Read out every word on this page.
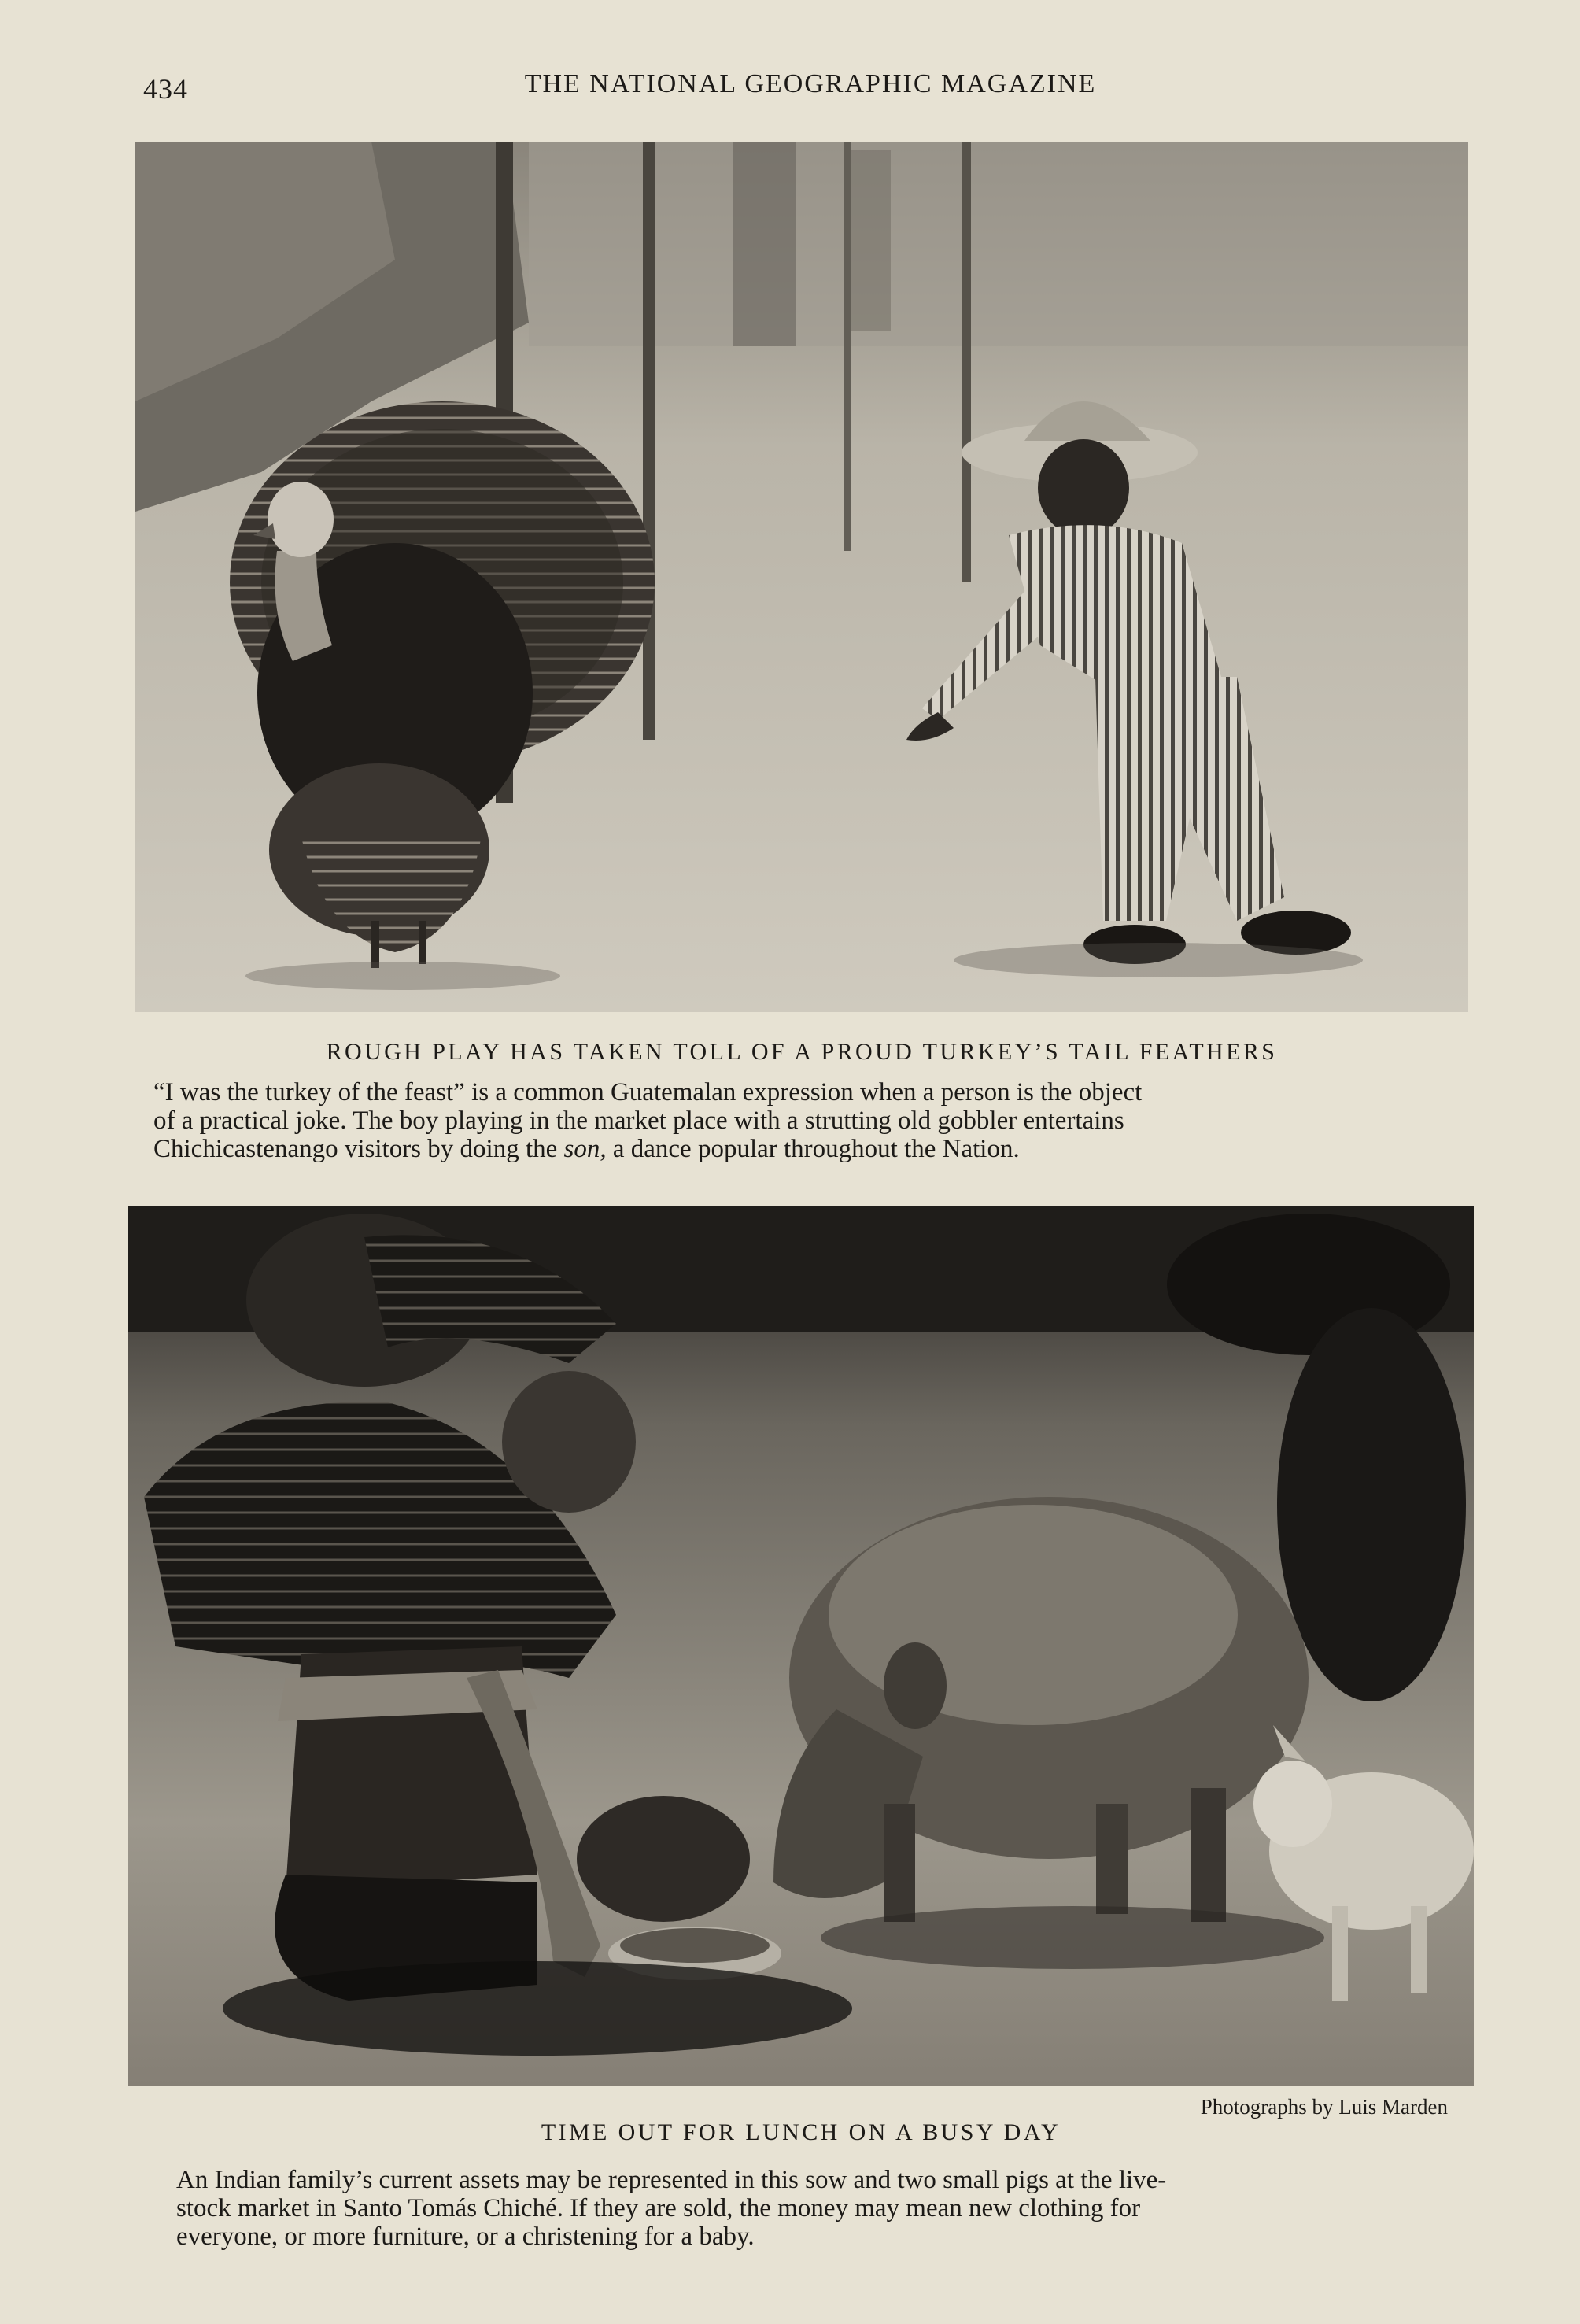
434	THE NATIONAL GEOGRAPHIC MAGAZINE
ROUGH PLAY HAS TAKEN TOLL OF A PROUD TURKEY’S TAIL FEATHERS
“I was the turkey of the feast” is a common Guatemalan expression when a person is the object
of a practical joke. The boy playing in the market place with a strutting old gobbler entertains
Chichicastenango visitors by doing the son, a dance popular throughout the Nation.
Photographs by Luis Marden
TIME OUT FOR LUNCH ON A BUSY DAY
An Indian family’s current assets may be represented in this sow and two small pigs at the live-
stock market in Santo Tomás Chiché. If they are sold, the money may mean new clothing for
everyone, or more furniture, or a christening for a baby.
